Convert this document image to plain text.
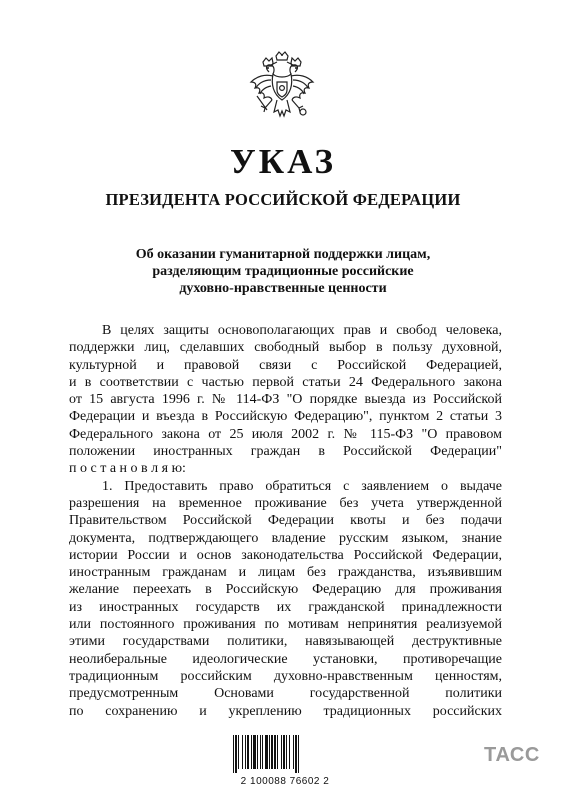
УКАЗ
ПРЕЗИДЕНТА РОССИЙСКОЙ ФЕДЕРАЦИИ
Об оказании гуманитарной поддержки лицам,
разделяющим традиционные российские
духовно-нравственные ценности
В целях защиты основополагающих прав и свобод человека,
поддержки лиц, сделавших свободный выбор в пользу духовной,
культурной и правовой связи с Российской Федерацией,
и в соответствии с частью первой статьи 24 Федерального закона
от 15 августа 1996 г. № 114-ФЗ "О порядке выезда из Российской
Федерации и въезда в Российскую Федерацию", пунктом 2 статьи 3
Федерального закона от 25 июля 2002 г. № 115-ФЗ "О правовом
положении иностранных граждан в Российской Федерации"
п о с т а н о в л я ю:
1. Предоставить право обратиться с заявлением о выдаче
разрешения на временное проживание без учета утвержденной
Правительством Российской Федерации квоты и без подачи
документа, подтверждающего владение русским языком, знание
истории России и основ законодательства Российской Федерации,
иностранным гражданам и лицам без гражданства, изъявившим
желание переехать в Российскую Федерацию для проживания
из иностранных государств их гражданской принадлежности
или постоянного проживания по мотивам непринятия реализуемой
этими государствами политики, навязывающей деструктивные
неолиберальные идеологические установки, противоречащие
традиционным российским духовно-нравственным ценностям,
предусмотренным Основами государственной политики
по сохранению и укреплению традиционных российских
2 100088 76602 2
ТАСС
